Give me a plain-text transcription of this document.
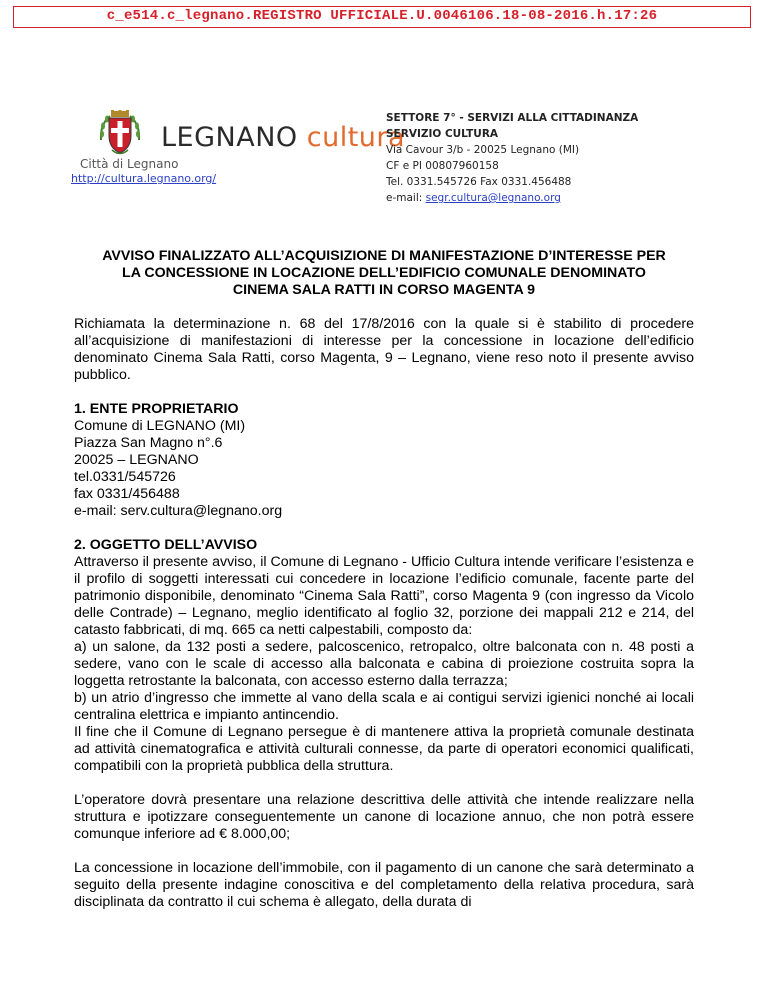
c_e514.c_legnano.REGISTRO UFFICIALE.U.0046106.18-08-2016.h.17:26
LEGNANO cultura
Città di Legnano
http://cultura.legnano.org/
SETTORE 7° - SERVIZI ALLA CITTADINANZA
SERVIZIO CULTURA
Via Cavour 3/b - 20025 Legnano (MI)
CF e PI 00807960158
Tel. 0331.545726 Fax 0331.456488
e-mail: segr.cultura@legnano.org
AVVISO FINALIZZATO ALL’ACQUISIZIONE DI MANIFESTAZIONE D’INTERESSE PER
LA CONCESSIONE IN LOCAZIONE DELL’EDIFICIO COMUNALE DENOMINATO
CINEMA SALA RATTI IN CORSO MAGENTA 9

Richiamata la determinazione n. 68 del 17/8/2016 con la quale si è stabilito di procedere all’acquisizione di manifestazioni di interesse per la concessione in locazione dell’edificio denominato Cinema Sala Ratti, corso Magenta, 9 – Legnano, viene reso noto il presente avviso pubblico.

1. ENTE PROPRIETARIO
Comune di LEGNANO (MI)
Piazza San Magno n°.6
20025 – LEGNANO
tel.0331/545726
fax 0331/456488
e-mail: serv.cultura@legnano.org
2. OGGETTO DELL’AVVISO

Attraverso il presente avviso, il Comune di Legnano - Ufficio Cultura intende verificare l’esistenza e il profilo di soggetti interessati cui concedere in locazione l’edificio comunale, facente parte del patrimonio disponibile, denominato “Cinema Sala Ratti”, corso Magenta 9 (con ingresso da Vicolo delle Contrade) – Legnano, meglio identificato al foglio 32, porzione dei mappali 212 e 214, del catasto fabbricati, di mq. 665 ca netti calpestabili, composto da:

a) un salone, da 132 posti a sedere, palcoscenico, retropalco, oltre balconata con n. 48 posti a sedere, vano con le scale di accesso alla balconata e cabina di proiezione costruita sopra la loggetta retrostante la balconata, con accesso esterno dalla terrazza;

b) un atrio d’ingresso che immette al vano della scala e ai contigui servizi igienici nonché ai locali centralina elettrica e impianto antincendio.

Il fine che il Comune di Legnano persegue è di mantenere attiva la proprietà comunale destinata ad attività cinematografica e attività culturali connesse, da parte di operatori economici qualificati, compatibili con la proprietà pubblica della struttura.

L’operatore dovrà presentare una relazione descrittiva delle attività che intende realizzare nella struttura e ipotizzare conseguentemente un canone di locazione annuo, che non potrà essere comunque inferiore ad € 8.000,00;

La concessione in locazione dell’immobile, con il pagamento di un canone che sarà determinato a seguito della presente indagine conoscitiva e del completamento della relativa procedura, sarà disciplinata da contratto il cui schema è allegato, della durata di
